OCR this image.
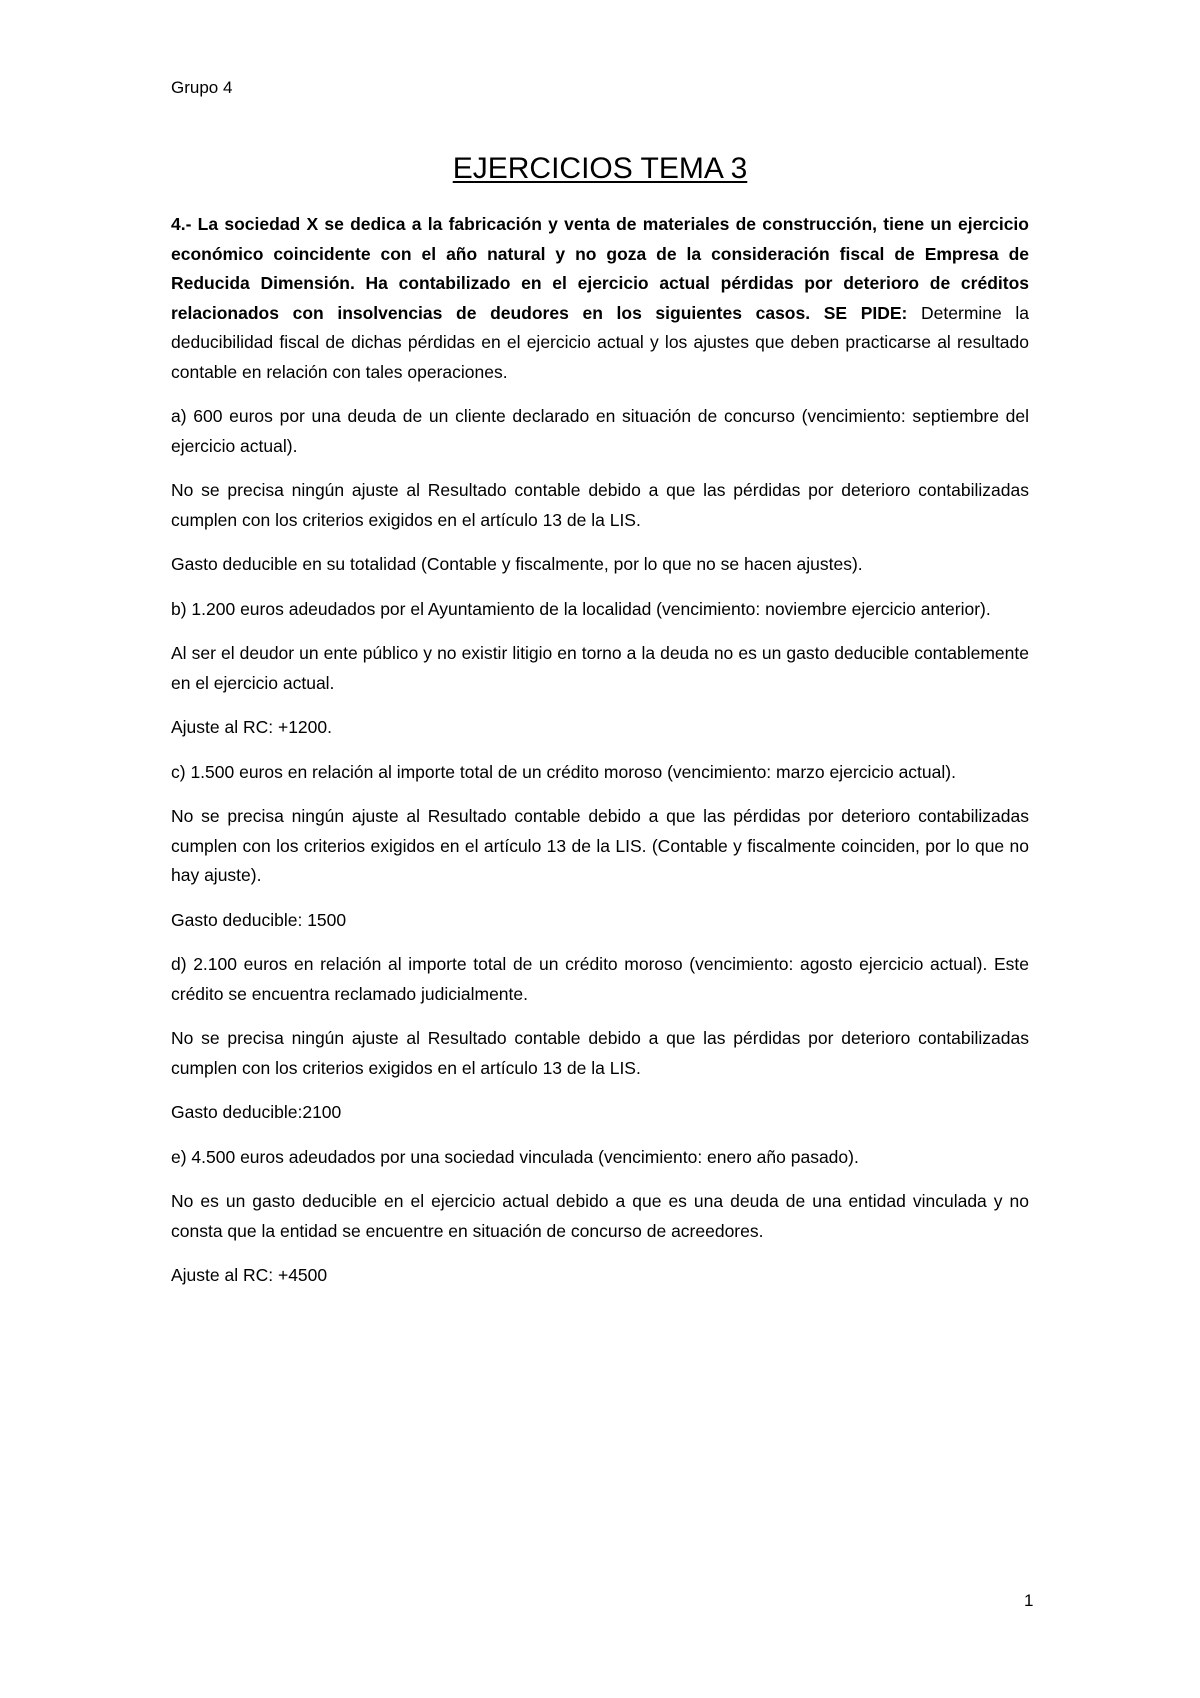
Grupo 4
EJERCICIOS TEMA 3

4.- La sociedad X se dedica a la fabricación y venta de materiales de construcción, tiene un ejercicio económico coincidente con el año natural y no goza de la consideración fiscal de Empresa de Reducida Dimensión. Ha contabilizado en el ejercicio actual pérdidas por deterioro de créditos relacionados con insolvencias de deudores en los siguientes casos. SE PIDE: Determine la deducibilidad fiscal de dichas pérdidas en el ejercicio actual y los ajustes que deben practicarse al resultado contable en relación con tales operaciones.

a) 600 euros por una deuda de un cliente declarado en situación de concurso (vencimiento: septiembre del ejercicio actual).

No se precisa ningún ajuste al Resultado contable debido a que las pérdidas por deterioro contabilizadas cumplen con los criterios exigidos en el artículo 13 de la LIS.

Gasto deducible en su totalidad (Contable y fiscalmente, por lo que no se hacen ajustes).

b) 1.200 euros adeudados por el Ayuntamiento de la localidad (vencimiento: noviembre ejercicio anterior).

Al ser el deudor un ente público y no existir litigio en torno a la deuda no es un gasto deducible contablemente en el ejercicio actual.

Ajuste al RC: +1200.

c) 1.500 euros en relación al importe total de un crédito moroso (vencimiento: marzo ejercicio actual).

No se precisa ningún ajuste al Resultado contable debido a que las pérdidas por deterioro contabilizadas cumplen con los criterios exigidos en el artículo 13 de la LIS. (Contable y fiscalmente coinciden, por lo que no hay ajuste).

Gasto deducible: 1500

d) 2.100 euros en relación al importe total de un crédito moroso (vencimiento: agosto ejercicio actual). Este crédito se encuentra reclamado judicialmente.

No se precisa ningún ajuste al Resultado contable debido a que las pérdidas por deterioro contabilizadas cumplen con los criterios exigidos en el artículo 13 de la LIS.

Gasto deducible:2100

e) 4.500 euros adeudados por una sociedad vinculada (vencimiento: enero año pasado).

No es un gasto deducible en el ejercicio actual debido a que es una deuda de una entidad vinculada y no consta que la entidad se encuentre en situación de concurso de acreedores.

Ajuste al RC: +4500

1
